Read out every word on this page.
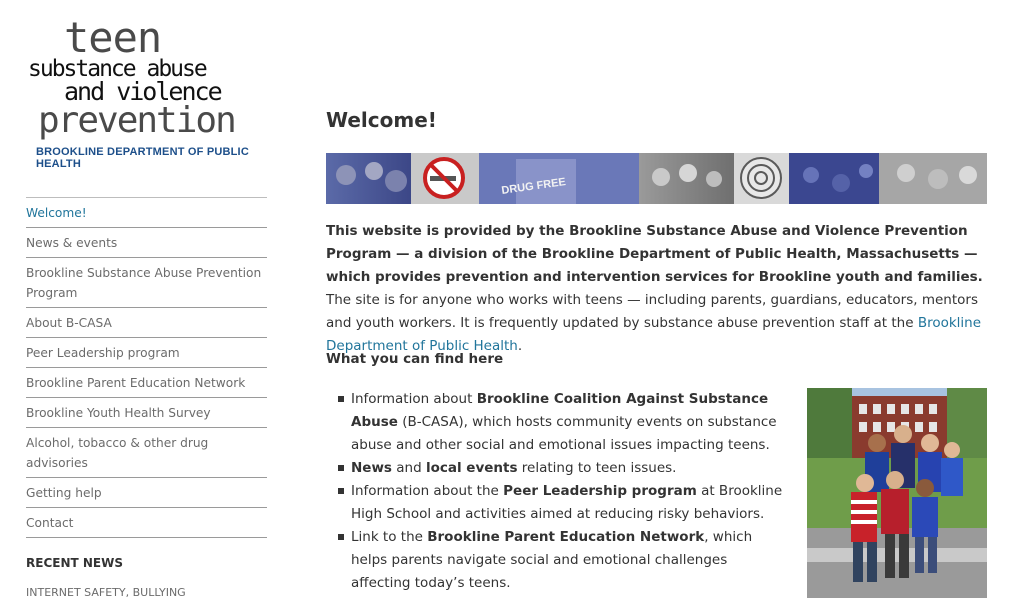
teen
substance abuse
and violence
prevention
BROOKLINE DEPARTMENT OF PUBLIC HEALTH
Welcome!
News & events
Brookline Substance Abuse Prevention Program
About B-CASA
Peer Leadership program
Brookline Parent Education Network
Brookline Youth Health Survey
Alcohol, tobacco & other drug advisories
Getting help
Contact
RECENT NEWS
INTERNET SAFETY, BULLYING
Welcome!
DRUG FREE
This website is provided by the Brookline Substance Abuse and Violence Prevention Program — a division of the Brookline Department of Public Health, Massachusetts — which provides prevention and intervention services for Brookline youth and families. The site is for anyone who works with teens — including parents, guardians, educators, mentors and youth workers. It is frequently updated by substance abuse prevention staff at the Brookline Department of Public Health.
What you can find here
Information about Brookline Coalition Against Substance Abuse (B-CASA), which hosts community events on substance abuse and other social and emotional issues impacting teens.
News and local events relating to teen issues.
Information about the Peer Leadership program at Brookline High School and activities aimed at reducing risky behaviors.
Link to the Brookline Parent Education Network, which helps parents navigate social and emotional challenges affecting today’s teens.
